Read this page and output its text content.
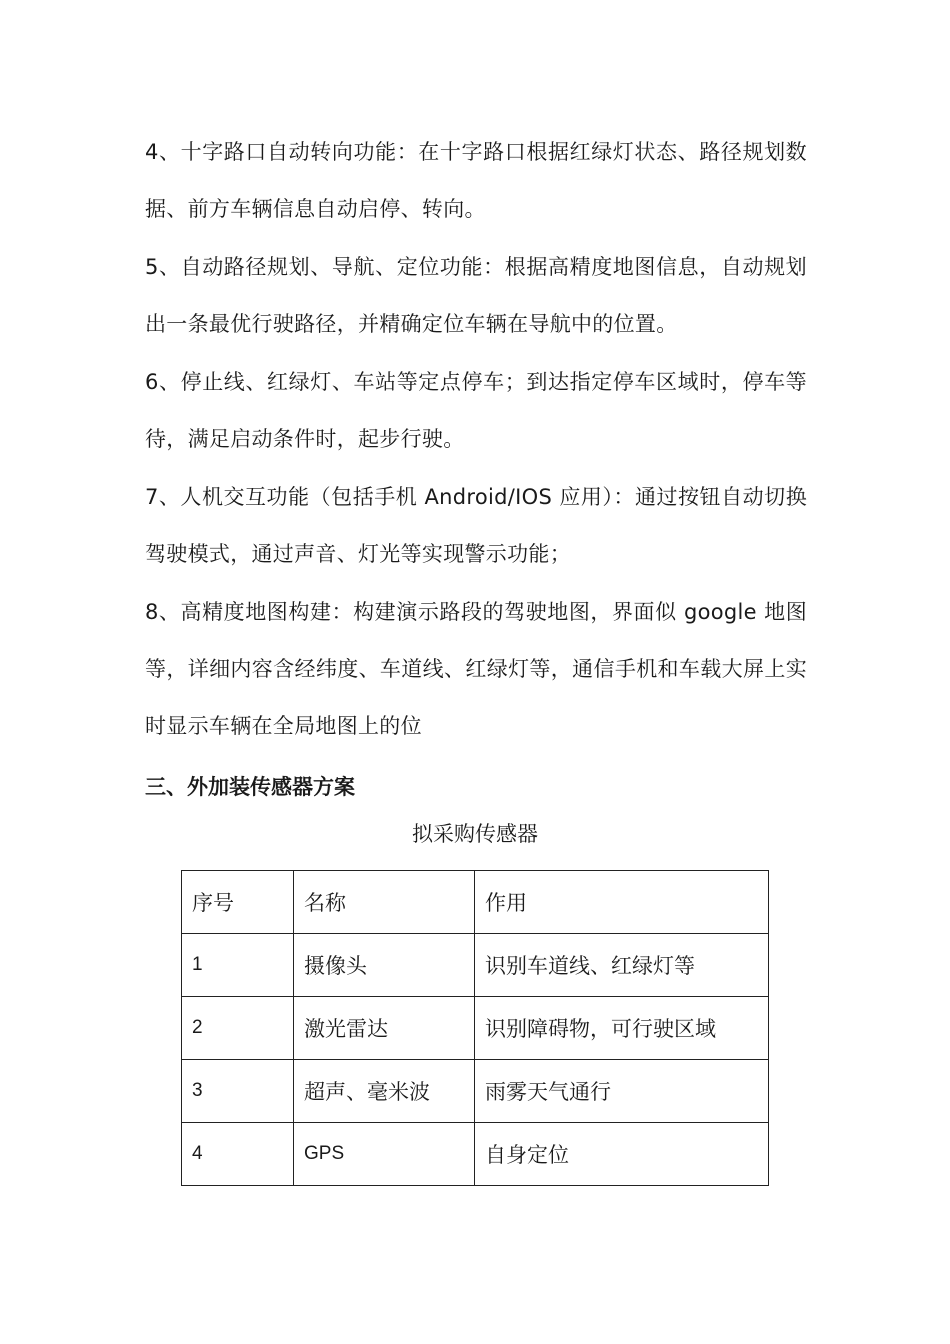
4、十字路口自动转向功能：在十字路口根据红绿灯状态、路径规划数据、前方车辆信息自动启停、转向。

5、自动路径规划、导航、定位功能：根据高精度地图信息，自动规划出一条最优行驶路径，并精确定位车辆在导航中的位置。

6、停止线、红绿灯、车站等定点停车；到达指定停车区域时，停车等待，满足启动条件时，起步行驶。

7、人机交互功能（包括手机 Android/IOS 应用）：通过按钮自动切换驾驶模式，通过声音、灯光等实现警示功能；

8、高精度地图构建：构建演示路段的驾驶地图，界面似 google 地图等，详细内容含经纬度、车道线、红绿灯等，通信手机和车载大屏上实时显示车辆在全局地图上的位

三、外加装传感器方案
拟采购传感器
序号	名称	作用
1	摄像头	识别车道线、红绿灯等
2	激光雷达	识别障碍物，可行驶区域
3	超声、毫米波	雨雾天气通行
4	GPS	自身定位
